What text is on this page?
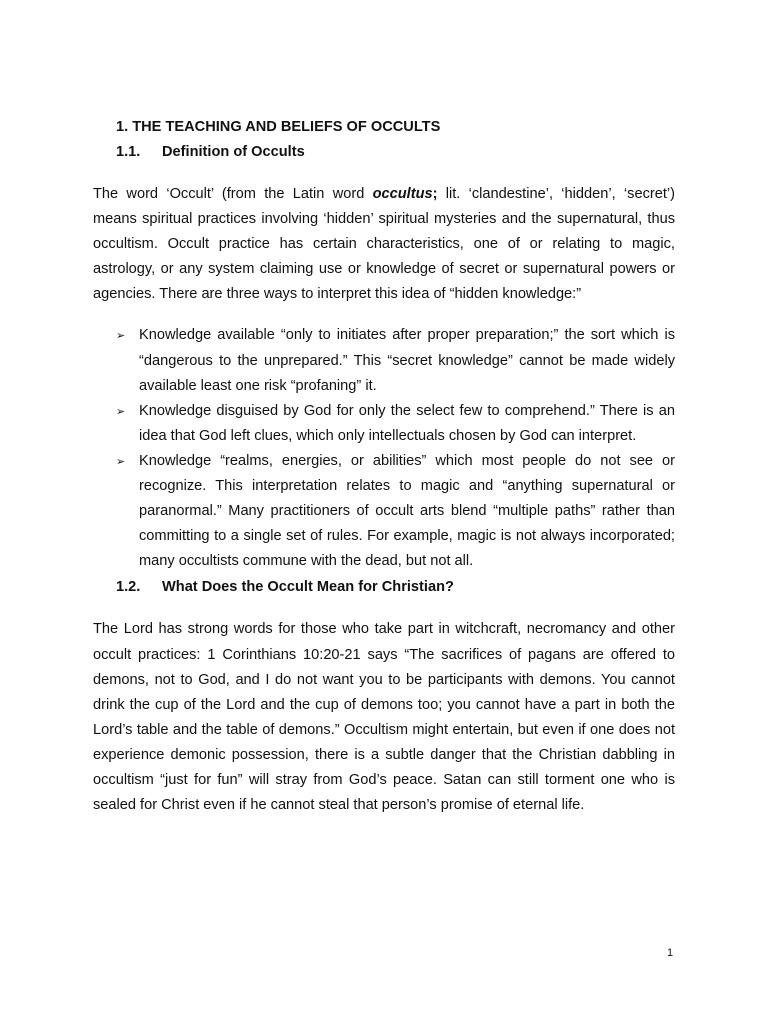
1. THE TEACHING AND BELIEFS OF OCCULTS
1.1. Definition of Occults

The word ‘Occult’ (from the Latin word occultus; lit. ‘clandestine’, ‘hidden’, ‘secret’) means spiritual practices involving ‘hidden’ spiritual mysteries and the supernatural, thus occultism. Occult practice has certain characteristics, one of or relating to magic, astrology, or any system claiming use or knowledge of secret or supernatural powers or agencies. There are three ways to interpret this idea of “hidden knowledge:”

➢ Knowledge available “only to initiates after proper preparation;” the sort which is “dangerous to the unprepared.” This “secret knowledge” cannot be made widely available least one risk “profaning” it.
➢ Knowledge disguised by God for only the select few to comprehend.” There is an idea that God left clues, which only intellectuals chosen by God can interpret.
➢ Knowledge “realms, energies, or abilities” which most people do not see or recognize. This interpretation relates to magic and “anything supernatural or paranormal.” Many practitioners of occult arts blend “multiple paths” rather than committing to a single set of rules. For example, magic is not always incorporated; many occultists commune with the dead, but not all.
1.2. What Does the Occult Mean for Christian?

The Lord has strong words for those who take part in witchcraft, necromancy and other occult practices: 1 Corinthians 10:20-21 says “The sacrifices of pagans are offered to demons, not to God, and I do not want you to be participants with demons. You cannot drink the cup of the Lord and the cup of demons too; you cannot have a part in both the Lord’s table and the table of demons.” Occultism might entertain, but even if one does not experience demonic possession, there is a subtle danger that the Christian dabbling in occultism “just for fun” will stray from God’s peace. Satan can still torment one who is sealed for Christ even if he cannot steal that person’s promise of eternal life.

1
